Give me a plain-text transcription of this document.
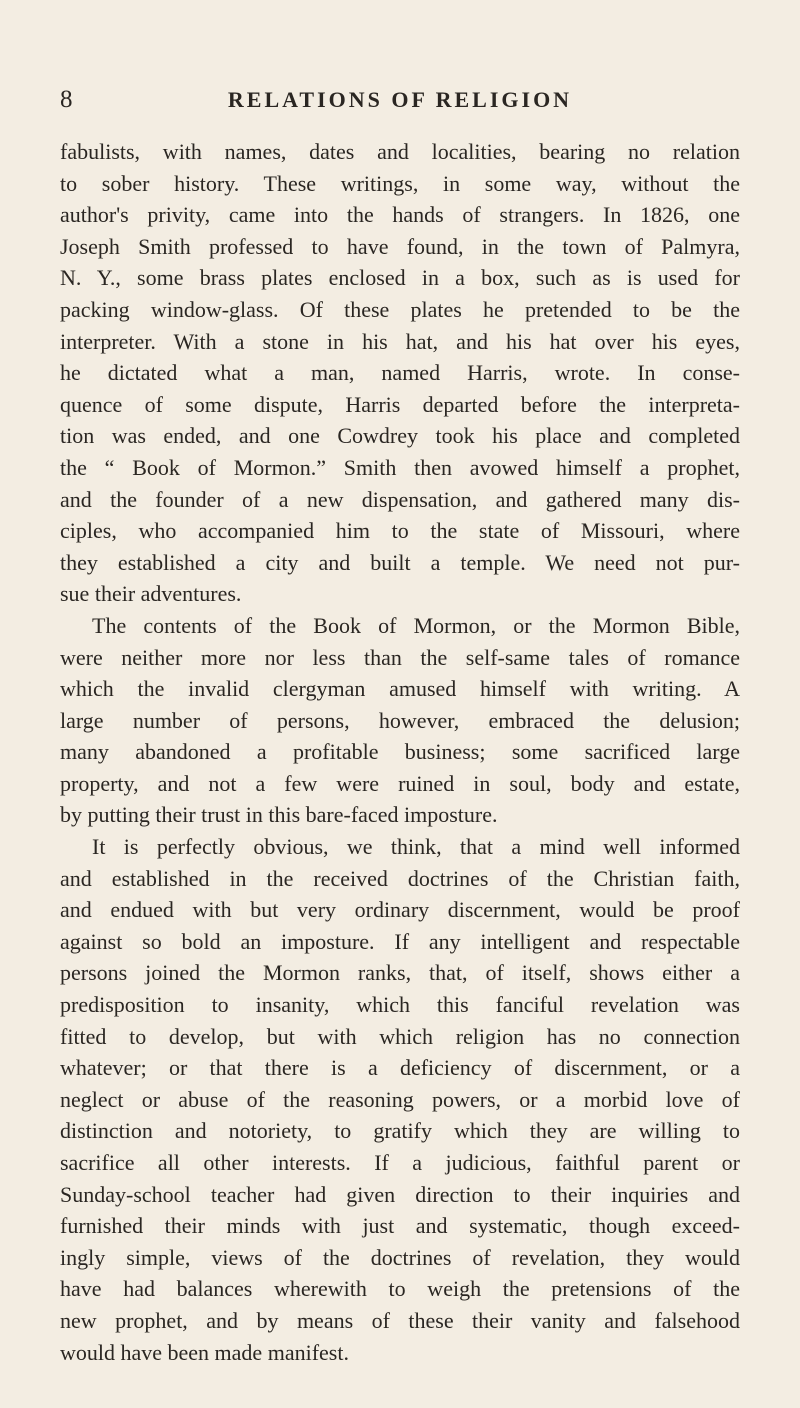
8	RELATIONS OF RELIGION
fabulists, with names, dates and localities, bearing no relation
to sober history. These writings, in some way, without the
author's privity, came into the hands of strangers. In 1826, one
Joseph Smith professed to have found, in the town of Palmyra,
N. Y., some brass plates enclosed in a box, such as is used for
packing window-glass. Of these plates he pretended to be the
interpreter. With a stone in his hat, and his hat over his eyes,
he dictated what a man, named Harris, wrote. In conse-
quence of some dispute, Harris departed before the interpreta-
tion was ended, and one Cowdrey took his place and completed
the “ Book of Mormon.” Smith then avowed himself a prophet,
and the founder of a new dispensation, and gathered many dis-
ciples, who accompanied him to the state of Missouri, where
they established a city and built a temple. We need not pur-
sue their adventures.
The contents of the Book of Mormon, or the Mormon Bible,
were neither more nor less than the self-same tales of romance
which the invalid clergyman amused himself with writing. A
large number of persons, however, embraced the delusion;
many abandoned a profitable business; some sacrificed large
property, and not a few were ruined in soul, body and estate,
by putting their trust in this bare-faced imposture.
It is perfectly obvious, we think, that a mind well informed
and established in the received doctrines of the Christian faith,
and endued with but very ordinary discernment, would be proof
against so bold an imposture. If any intelligent and respectable
persons joined the Mormon ranks, that, of itself, shows either a
predisposition to insanity, which this fanciful revelation was
fitted to develop, but with which religion has no connection
whatever; or that there is a deficiency of discernment, or a
neglect or abuse of the reasoning powers, or a morbid love of
distinction and notoriety, to gratify which they are willing to
sacrifice all other interests. If a judicious, faithful parent or
Sunday-school teacher had given direction to their inquiries and
furnished their minds with just and systematic, though exceed-
ingly simple, views of the doctrines of revelation, they would
have had balances wherewith to weigh the pretensions of the
new prophet, and by means of these their vanity and falsehood
would have been made manifest.
